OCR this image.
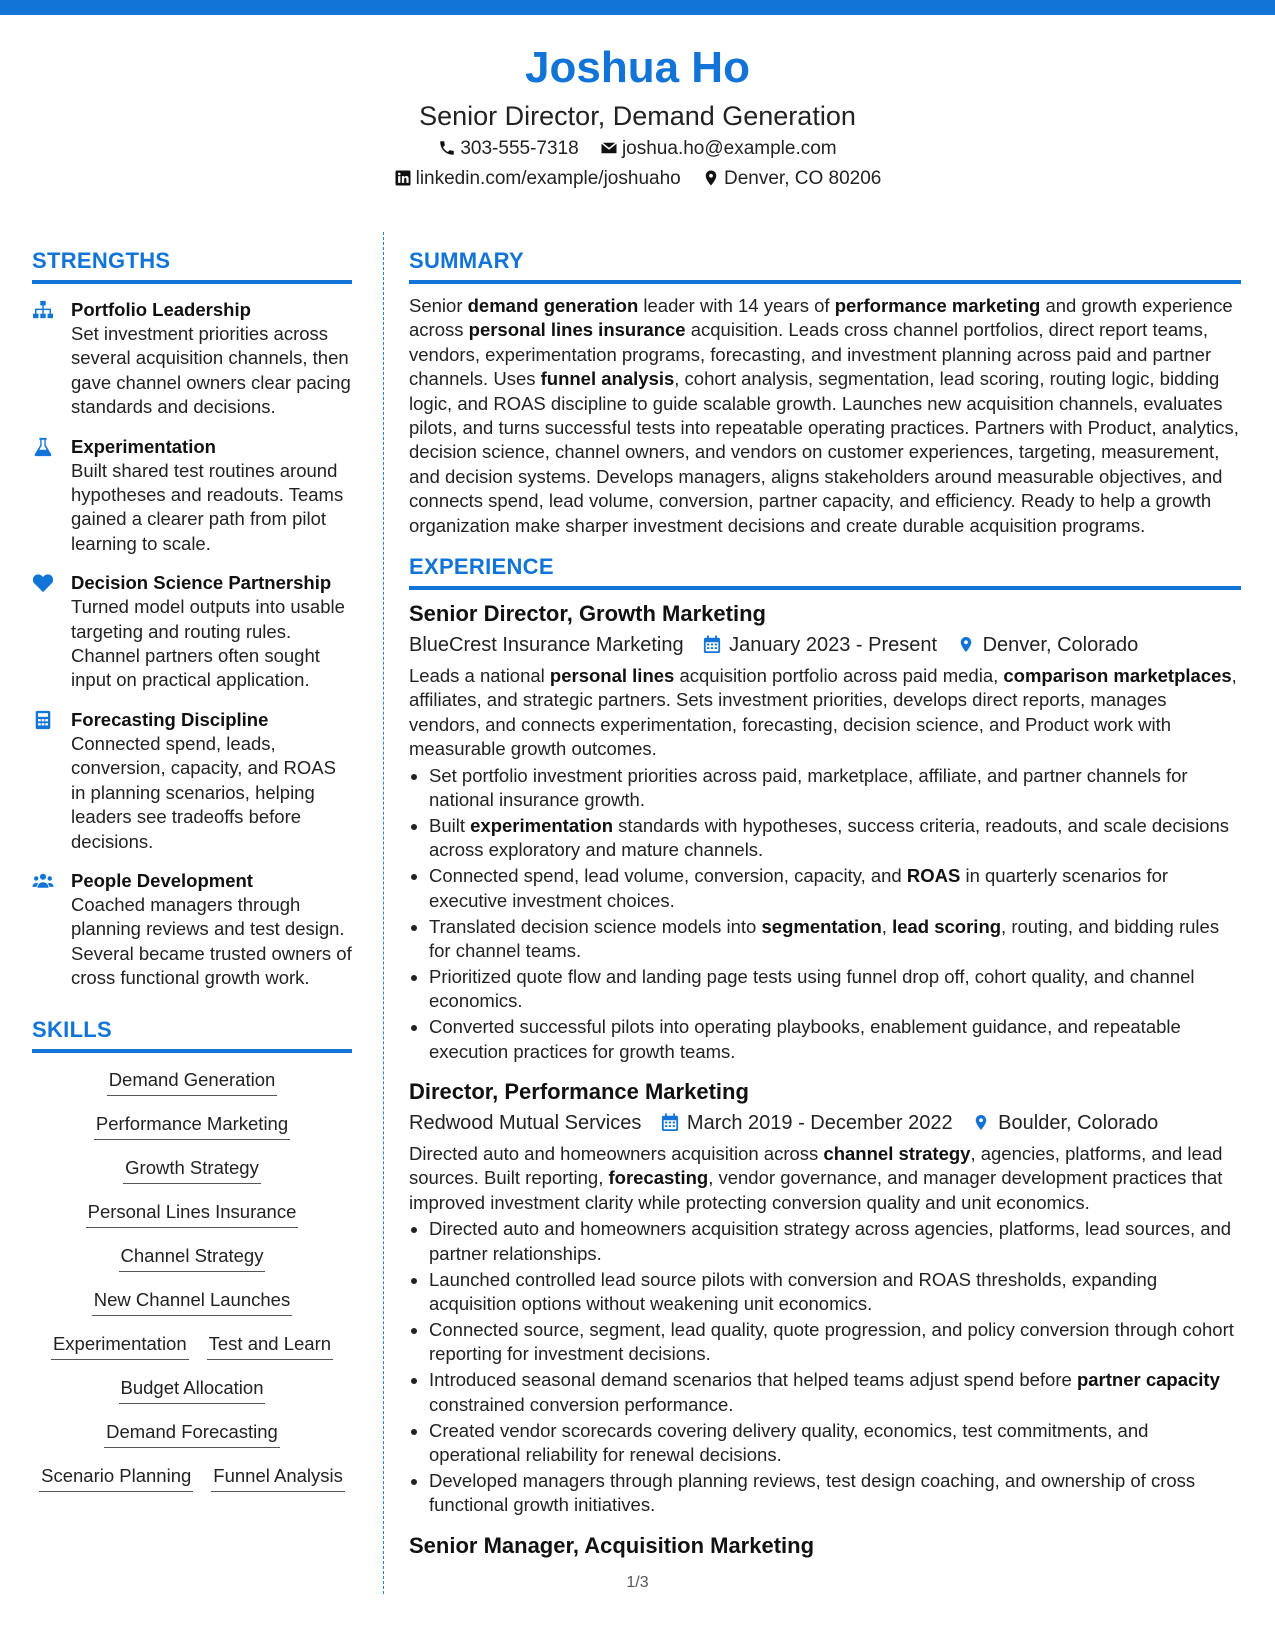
Joshua Ho
Senior Director, Demand Generation
303-555-7318 joshua.ho@example.com
linkedin.com/example/joshuaho Denver, CO 80206
STRENGTHS
Portfolio Leadership
Set investment priorities across several acquisition channels, then gave channel owners clear pacing standards and decisions.
Experimentation
Built shared test routines around hypotheses and readouts. Teams gained a clearer path from pilot learning to scale.
Decision Science Partnership
Turned model outputs into usable targeting and routing rules. Channel partners often sought input on practical application.
Forecasting Discipline
Connected spend, leads, conversion, capacity, and ROAS in planning scenarios, helping leaders see tradeoffs before decisions.
People Development
Coached managers through planning reviews and test design. Several became trusted owners of cross functional growth work.
SKILLS
Demand Generation
Performance Marketing
Growth Strategy
Personal Lines Insurance
Channel Strategy
New Channel Launches
Experimentation Test and Learn
Budget Allocation
Demand Forecasting
Scenario Planning Funnel Analysis
SUMMARY

Senior demand generation leader with 14 years of performance marketing and growth experience across personal lines insurance acquisition. Leads cross channel portfolios, direct report teams, vendors, experimentation programs, forecasting, and investment planning across paid and partner channels. Uses funnel analysis, cohort analysis, segmentation, lead scoring, routing logic, bidding logic, and ROAS discipline to guide scalable growth. Launches new acquisition channels, evaluates pilots, and turns successful tests into repeatable operating practices. Partners with Product, analytics, decision science, channel owners, and vendors on customer experiences, targeting, measurement, and decision systems. Develops managers, aligns stakeholders around measurable objectives, and connects spend, lead volume, conversion, partner capacity, and efficiency. Ready to help a growth organization make sharper investment decisions and create durable acquisition programs.

EXPERIENCE
Senior Director, Growth Marketing
BlueCrest Insurance Marketing January 2023 - Present Denver, Colorado

Leads a national personal lines acquisition portfolio across paid media, comparison marketplaces, affiliates, and strategic partners. Sets investment priorities, develops direct reports, manages vendors, and connects experimentation, forecasting, decision science, and Product work with measurable growth outcomes.

• Set portfolio investment priorities across paid, marketplace, affiliate, and partner channels for national insurance growth.
• Built experimentation standards with hypotheses, success criteria, readouts, and scale decisions across exploratory and mature channels.
• Connected spend, lead volume, conversion, capacity, and ROAS in quarterly scenarios for executive investment choices.
• Translated decision science models into segmentation, lead scoring, routing, and bidding rules for channel teams.
• Prioritized quote flow and landing page tests using funnel drop off, cohort quality, and channel economics.
• Converted successful pilots into operating playbooks, enablement guidance, and repeatable execution practices for growth teams.
Director, Performance Marketing
Redwood Mutual Services March 2019 - December 2022 Boulder, Colorado

Directed auto and homeowners acquisition across channel strategy, agencies, platforms, and lead sources. Built reporting, forecasting, vendor governance, and manager development practices that improved investment clarity while protecting conversion quality and unit economics.

• Directed auto and homeowners acquisition strategy across agencies, platforms, lead sources, and partner relationships.
• Launched controlled lead source pilots with conversion and ROAS thresholds, expanding acquisition options without weakening unit economics.
• Connected source, segment, lead quality, quote progression, and policy conversion through cohort reporting for investment decisions.
• Introduced seasonal demand scenarios that helped teams adjust spend before partner capacity constrained conversion performance.
• Created vendor scorecards covering delivery quality, economics, test commitments, and operational reliability for renewal decisions.
• Developed managers through planning reviews, test design coaching, and ownership of cross functional growth initiatives.
Senior Manager, Acquisition Marketing
1/3
